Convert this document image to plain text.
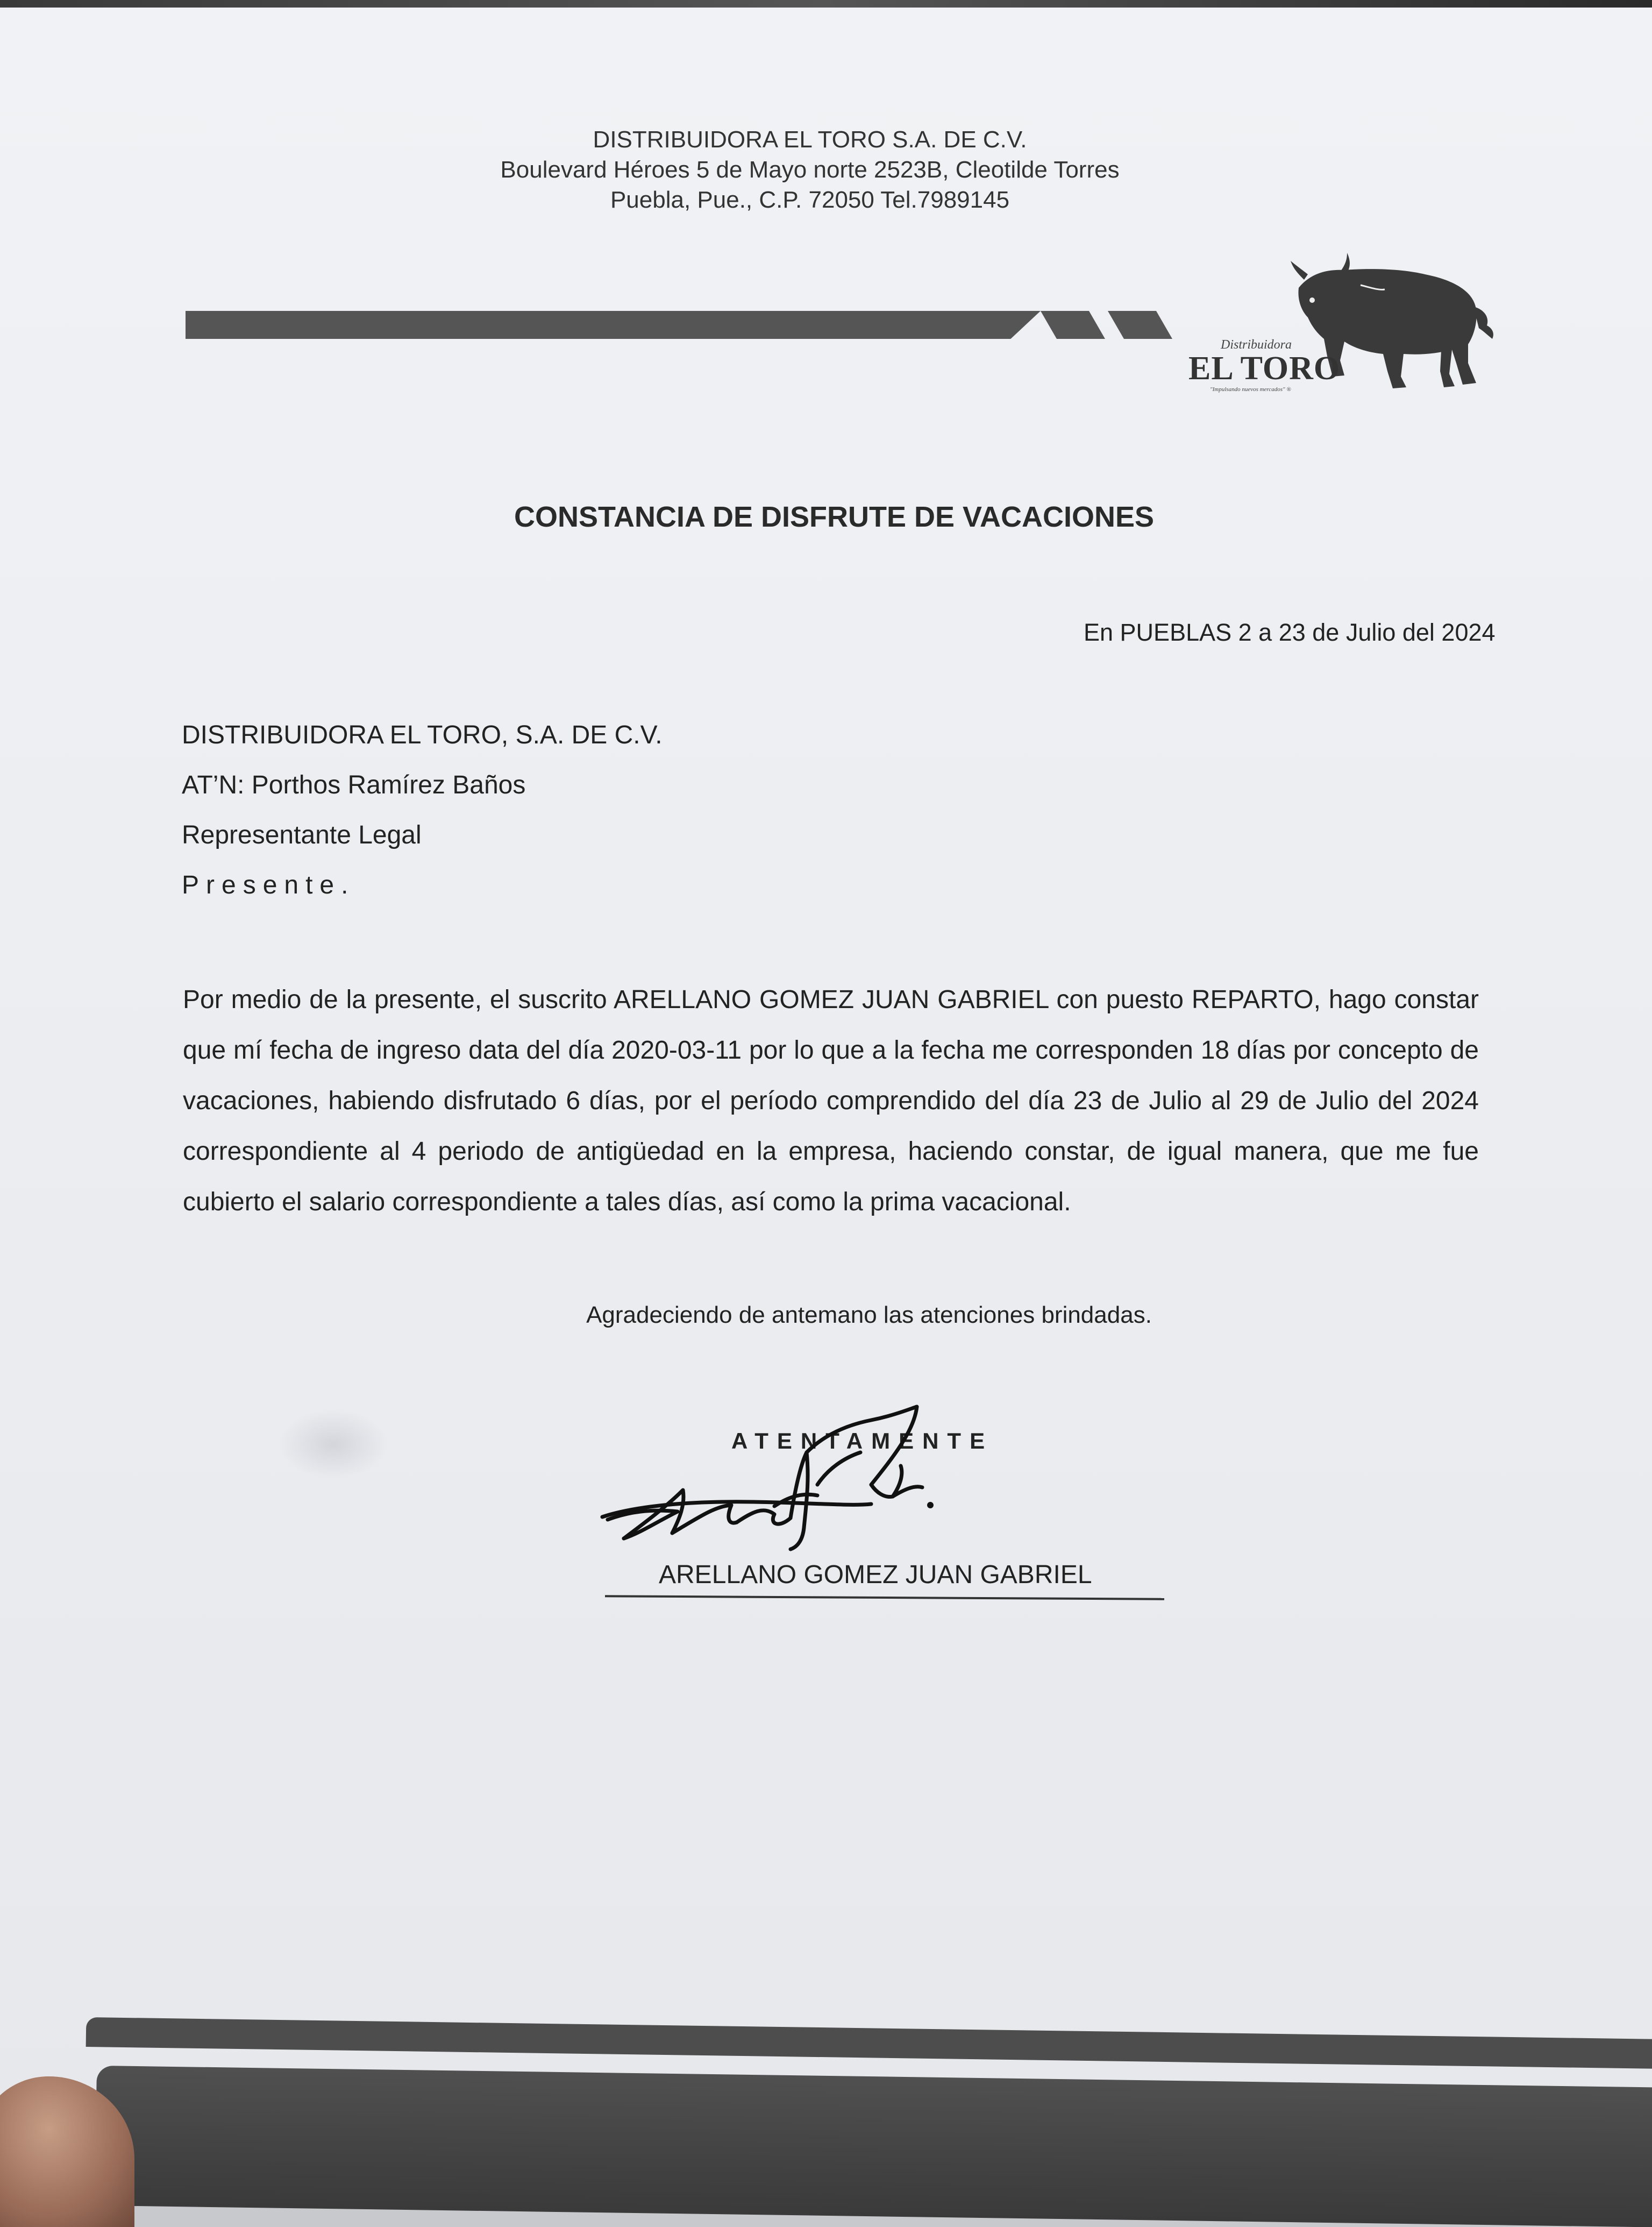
DISTRIBUIDORA EL TORO S.A. DE C.V.
Boulevard Héroes 5 de Mayo norte 2523B, Cleotilde Torres
Puebla, Pue., C.P. 72050 Tel.7989145
Distribuidora
EL TORO
"Impulsando nuevos mercados" ®
CONSTANCIA DE DISFRUTE DE VACACIONES
En PUEBLAS 2 a 23 de Julio del 2024
DISTRIBUIDORA EL TORO, S.A. DE C.V.
AT’N: Porthos Ramírez Baños
Representante Legal
Presente.
Por medio de la presente, el suscrito ARELLANO GOMEZ JUAN GABRIEL con puesto REPARTO, hago constar que mí fecha de ingreso data del día 2020-03-11 por lo que a la fecha me corresponden 18 días por concepto de vacaciones, habiendo disfrutado 6 días, por el período comprendido del día 23 de Julio al 29 de Julio del 2024 correspondiente al 4 periodo de antigüedad en la empresa, haciendo constar, de igual manera, que me fue cubierto el salario correspondiente a tales días, así como la prima vacacional.
Agradeciendo de antemano las atenciones brindadas.
ATENTAMENTE
ARELLANO GOMEZ JUAN GABRIEL
